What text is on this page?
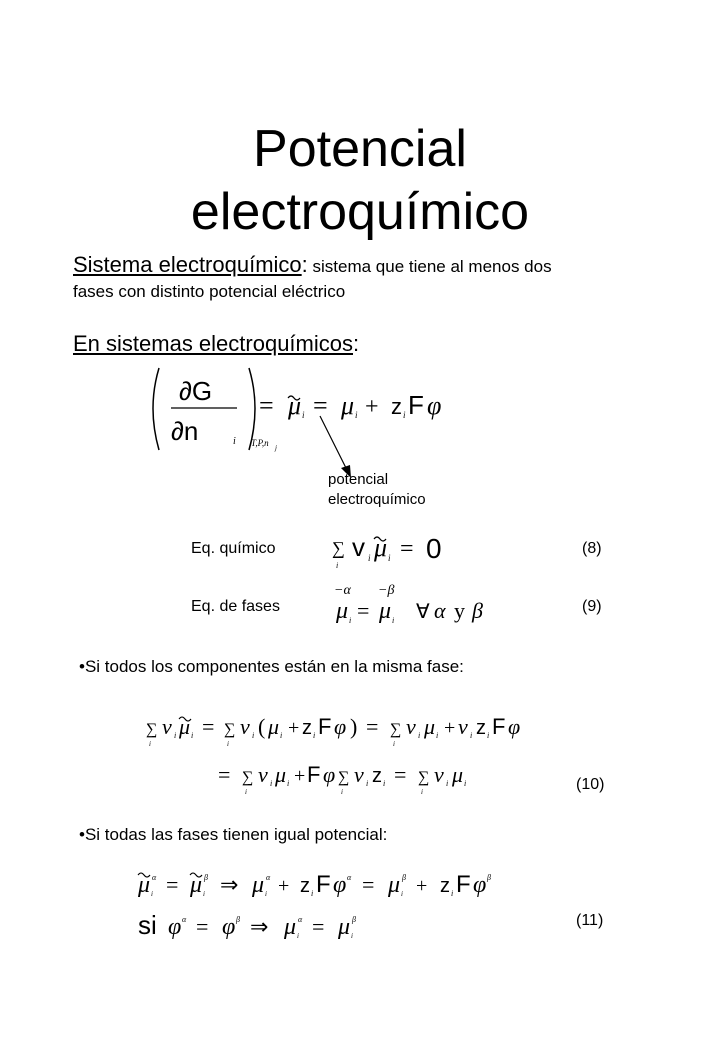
Potencial
electroquímico
Sistema electroquímico: sistema que tiene al menos dos
fases con distinto potencial eléctrico
En sistemas electroquímicos:
∂G
∂n	i T,P,n j
= μ i = μ i + z i F φ
potencial
electroquímico
Eq. químico	∑
i
v i μ i = 0	(8)
Eq. de fases
−α
μ i =
−β
μ i ∀ α y β	(9)
•Si todos los componentes están en la misma fase:
∑
i
ν i μ i = ∑
i
ν i ( μ i + z i F φ ) = ∑
i
ν i μ i + ν i z i F φ
= ∑
i
ν i μ i + F φ ∑
i
ν i z i = ∑
i
ν i μ i	(10)
•Si todas las fases tienen igual potencial:
μ i
α = μ i
β ⇒ μ i
α + z i F φ α = μ i
β + z i F φ β
si φ α = φ β ⇒ μ i
α = μ i
β	(11)
